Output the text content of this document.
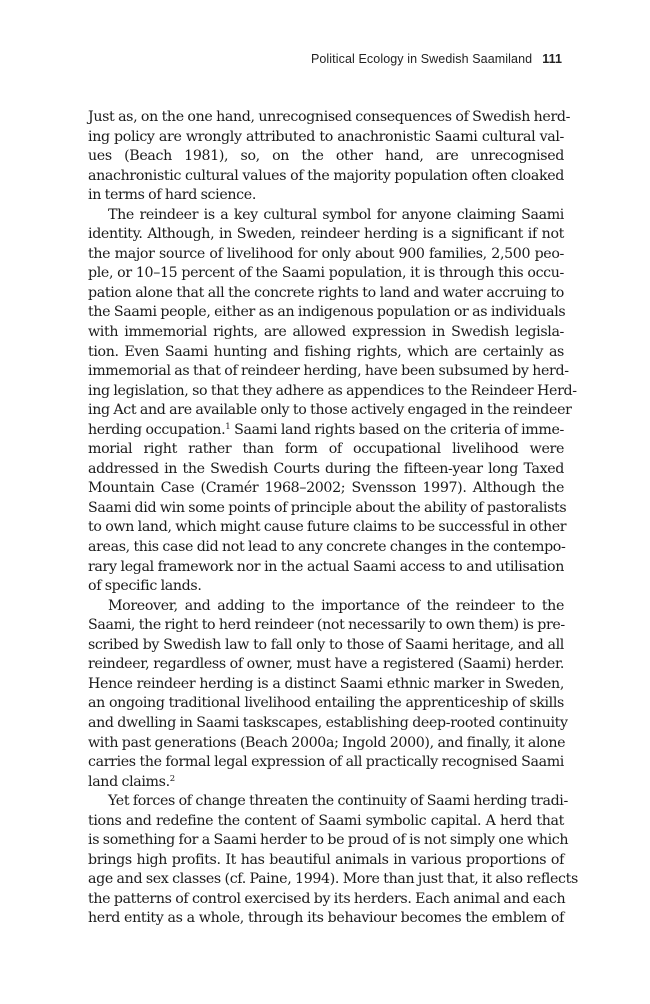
Political Ecology in Swedish Saamiland 111
Just as, on the one hand, unrecognised consequences of Swedish herd-
ing policy are wrongly attributed to anachronistic Saami cultural val-
ues (Beach 1981), so, on the other hand, are unrecognised
anachronistic cultural values of the majority population often cloaked
in terms of hard science.
The reindeer is a key cultural symbol for anyone claiming Saami
identity. Although, in Sweden, reindeer herding is a significant if not
the major source of livelihood for only about 900 families, 2,500 peo-
ple, or 10–15 percent of the Saami population, it is through this occu-
pation alone that all the concrete rights to land and water accruing to
the Saami people, either as an indigenous population or as individuals
with immemorial rights, are allowed expression in Swedish legisla-
tion. Even Saami hunting and fishing rights, which are certainly as
immemorial as that of reindeer herding, have been subsumed by herd-
ing legislation, so that they adhere as appendices to the Reindeer Herd-
ing Act and are available only to those actively engaged in the reindeer
herding occupation.$^1$ Saami land rights based on the criteria of imme-
morial right rather than form of occupational livelihood were
addressed in the Swedish Courts during the fifteen-year long Taxed
Mountain Case (Cramér 1968–2002; Svensson 1997). Although the
Saami did win some points of principle about the ability of pastoralists
to own land, which might cause future claims to be successful in other
areas, this case did not lead to any concrete changes in the contempo-
rary legal framework nor in the actual Saami access to and utilisation
of specific lands.
Moreover, and adding to the importance of the reindeer to the
Saami, the right to herd reindeer (not necessarily to own them) is pre-
scribed by Swedish law to fall only to those of Saami heritage, and all
reindeer, regardless of owner, must have a registered (Saami) herder.
Hence reindeer herding is a distinct Saami ethnic marker in Sweden,
an ongoing traditional livelihood entailing the apprenticeship of skills
and dwelling in Saami taskscapes, establishing deep-rooted continuity
with past generations (Beach 2000a; Ingold 2000), and finally, it alone
carries the formal legal expression of all practically recognised Saami
land claims.$^2$
Yet forces of change threaten the continuity of Saami herding tradi-
tions and redefine the content of Saami symbolic capital. A herd that
is something for a Saami herder to be proud of is not simply one which
brings high profits. It has beautiful animals in various proportions of
age and sex classes (cf. Paine, 1994). More than just that, it also reflects
the patterns of control exercised by its herders. Each animal and each
herd entity as a whole, through its behaviour becomes the emblem of
